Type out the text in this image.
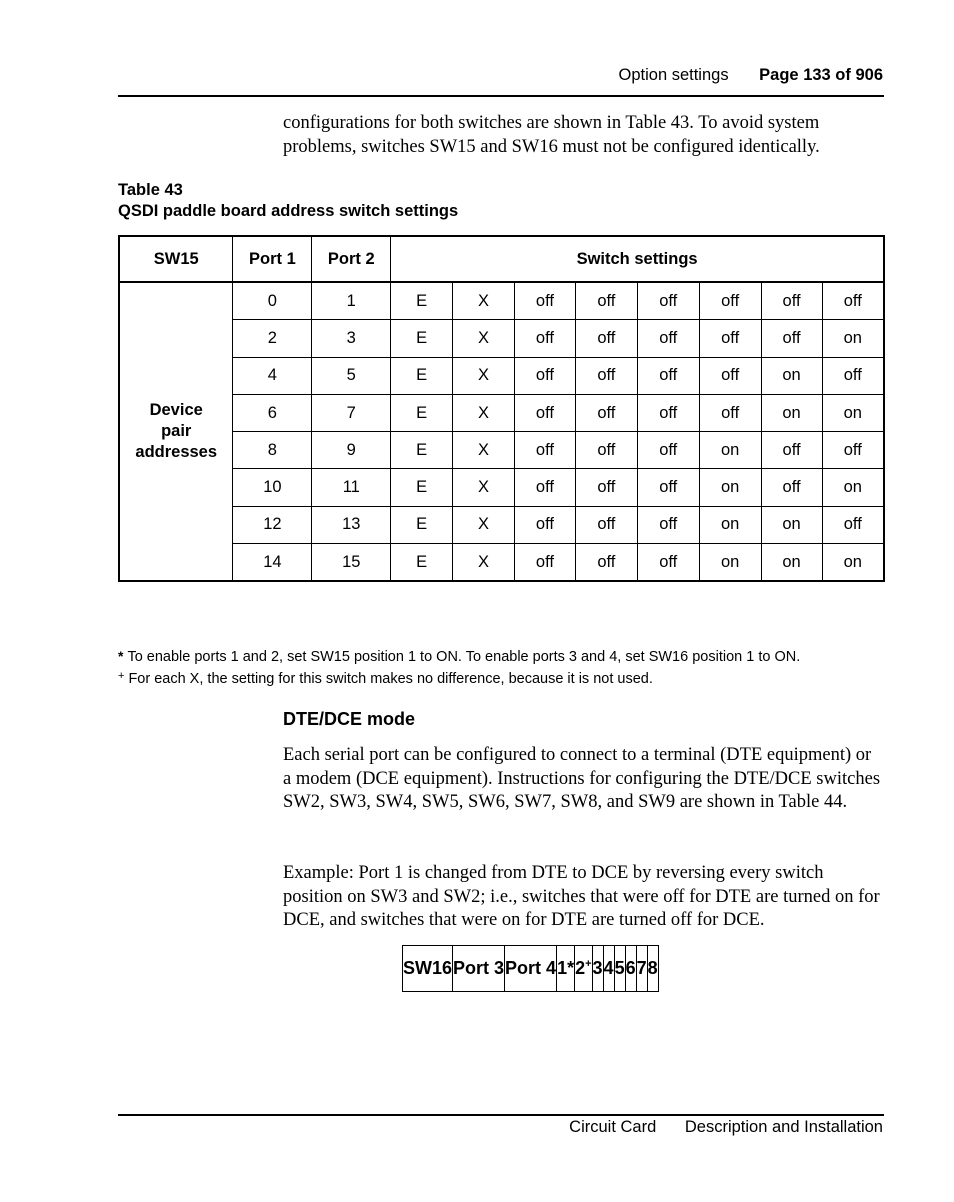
Option settings Page 133 of 906

configurations for both switches are shown in Table 43. To avoid system problems, switches SW15 and SW16 must not be configured identically.

Table 43
QSDI paddle board address switch settings
SW15	Port 1	Port 2	Switch settings

SW16	Port 3	Port 4	1*	2+	3	4	5	6	7	8
Device
pair
addresses	0	1	E	X	off	off	off	off	off	off
2	3	E	X	off	off	off	off	off	on
4	5	E	X	off	off	off	off	on	off
6	7	E	X	off	off	off	off	on	on
8	9	E	X	off	off	off	on	off	off
10	11	E	X	off	off	off	on	off	on
12	13	E	X	off	off	off	on	on	off
14	15	E	X	off	off	off	on	on	on
* To enable ports 1 and 2, set SW15 position 1 to ON. To enable ports 3 and 4, set SW16 position 1 to ON.
+ For each X, the setting for this switch makes no difference, because it is not used.
DTE/DCE mode

Each serial port can be configured to connect to a terminal (DTE equipment) or a modem (DCE equipment). Instructions for configuring the DTE/DCE switches SW2, SW3, SW4, SW5, SW6, SW7, SW8, and SW9 are shown in Table 44.

Example: Port 1 is changed from DTE to DCE by reversing every switch position on SW3 and SW2; i.e., switches that were off for DTE are turned on for DCE, and switches that were on for DTE are turned off for DCE.

Circuit Card Description and Installation
